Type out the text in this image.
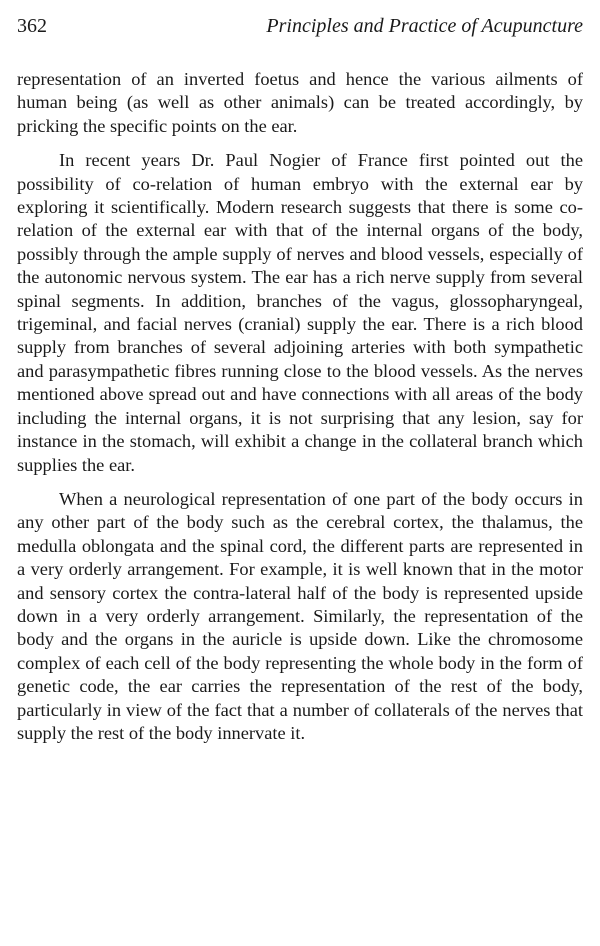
362	Principles and Practice of Acupuncture

representation of an inverted foetus and hence the various ailments of human being (as well as other animals) can be treated accordingly, by pricking the specific points on the ear.

In recent years Dr. Paul Nogier of France first pointed out the possibility of co-relation of human embryo with the external ear by exploring it scientifically. Modern research suggests that there is some co-relation of the external ear with that of the internal organs of the body, possibly through the ample supply of nerves and blood vessels, especially of the autonomic nervous system. The ear has a rich nerve supply from several spinal segments. In addition, branches of the vagus, glossopharyngeal, trigeminal, and facial nerves (cranial) supply the ear. There is a rich blood supply from branches of several adjoining arteries with both sympathetic and parasympathetic fibres running close to the blood vessels. As the nerves mentioned above spread out and have connections with all areas of the body including the internal organs, it is not surprising that any lesion, say for instance in the stomach, will exhibit a change in the collateral branch which supplies the ear.

When a neurological representation of one part of the body occurs in any other part of the body such as the cerebral cortex, the thalamus, the medulla oblongata and the spinal cord, the different parts are represented in a very orderly arrangement. For example, it is well known that in the motor and sensory cortex the contra-lateral half of the body is represented upside down in a very orderly arrangement. Similarly, the representation of the body and the organs in the auricle is upside down. Like the chromosome complex of each cell of the body representing the whole body in the form of genetic code, the ear carries the representation of the rest of the body, particularly in view of the fact that a number of collaterals of the nerves that supply the rest of the body innervate it.
